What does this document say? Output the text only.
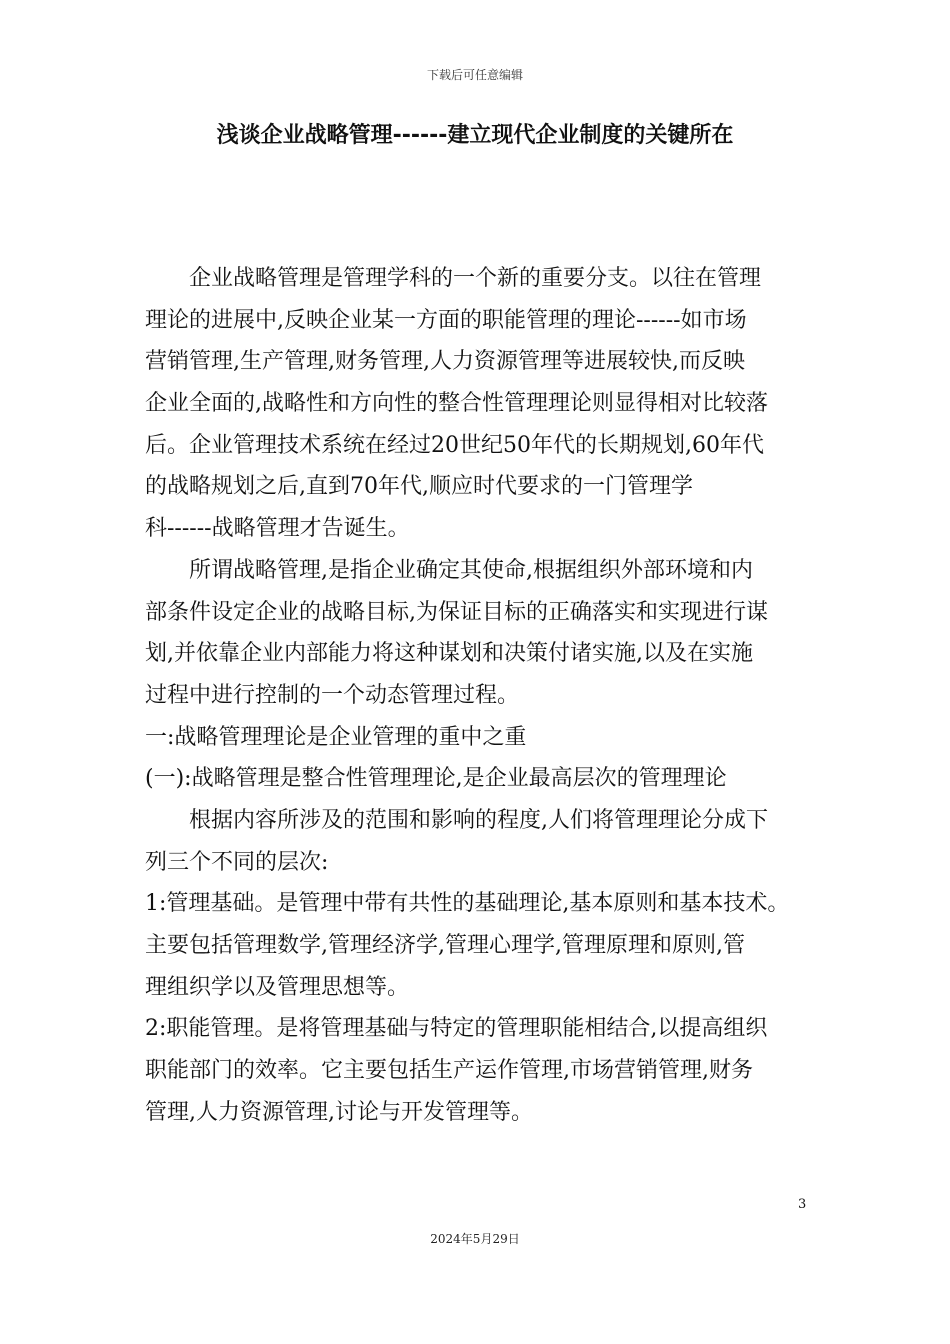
下载后可任意编辑
浅谈企业战略管理------建立现代企业制度的关键所在
企业战略管理是管理学科的一个新的重要分支。以往在管理
理论的进展中,反映企业某一方面的职能管理的理论------如市场
营销管理,生产管理,财务管理,人力资源管理等进展较快,而反映
企业全面的,战略性和方向性的整合性管理理论则显得相对比较落
后。企业管理技术系统在经过20世纪50年代的长期规划,60年代
的战略规划之后,直到70年代,顺应时代要求的一门管理学
科------战略管理才告诞生。
所谓战略管理,是指企业确定其使命,根据组织外部环境和内
部条件设定企业的战略目标,为保证目标的正确落实和实现进行谋
划,并依靠企业内部能力将这种谋划和决策付诸实施,以及在实施
过程中进行控制的一个动态管理过程。
一:战略管理理论是企业管理的重中之重
(一):战略管理是整合性管理理论,是企业最高层次的管理理论
根据内容所涉及的范围和影响的程度,人们将管理理论分成下
列三个不同的层次:
1:管理基础。是管理中带有共性的基础理论,基本原则和基本技术。
主要包括管理数学,管理经济学,管理心理学,管理原理和原则,管
理组织学以及管理思想等。
2:职能管理。是将管理基础与特定的管理职能相结合,以提高组织
职能部门的效率。它主要包括生产运作管理,市场营销管理,财务
管理,人力资源管理,讨论与开发管理等。
3
2024年5月29日
